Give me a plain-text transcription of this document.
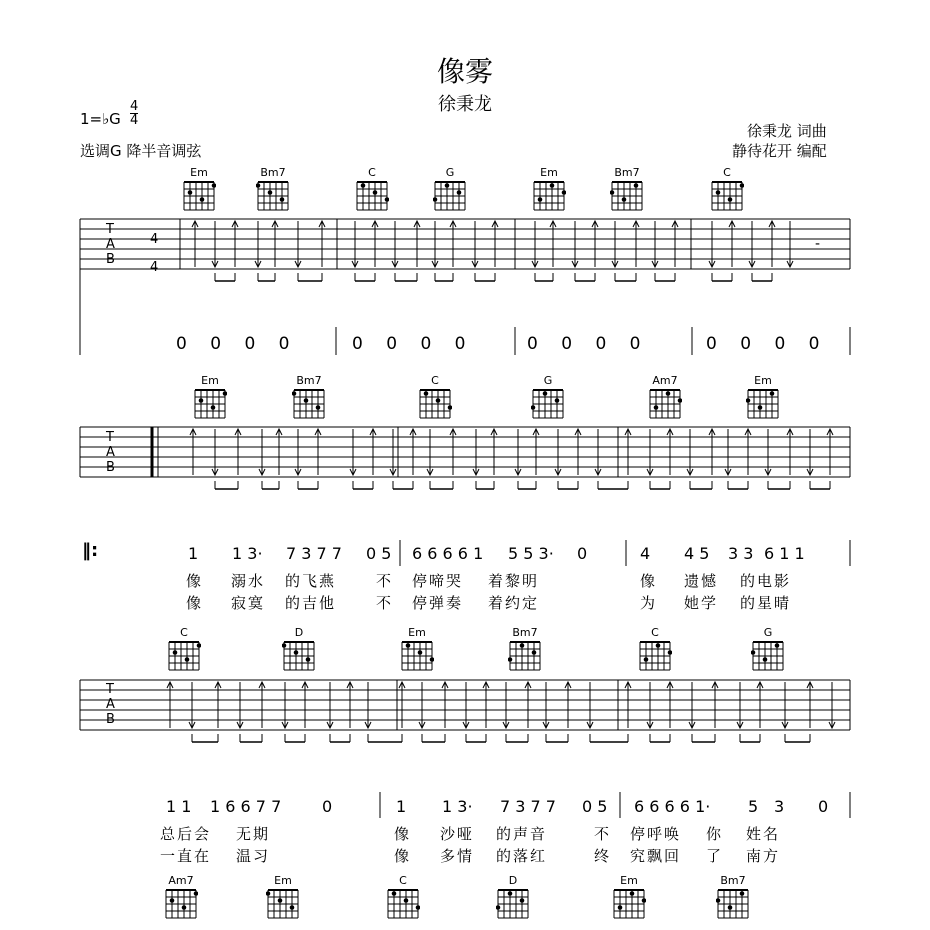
像雾
徐秉龙
1=♭G
4
4
选调G 降半音调弦
徐秉龙 词曲
静待花开 编配
Em	Bm7	C	G	Em	Bm7	C
Em	Bm7	C	G	Am7	Em
C	D	Em	Bm7	C	G
Am7	Em	C	D	Em	Bm7
T
A
B
4
4
-
T
A
B
T
A
B
0 0 0 0	0 0 0 0	0 0 0 0	0 0 0 0
‖:	1 1 3· 7 3 7 7 0 5 6 6 6 6 1 5 5 3· 0	4 4 5 3 3 6 1 1
像 溺水 的飞燕	不 停啼哭 着黎明	像 遗憾 的电影
像 寂寞 的吉他	不 停弹奏 着约定	为 她学 的星晴
1 1 1 6 6 7 7	0	1 1 3· 7 3 7 7 0 5 6 6 6 6 1· 5 3 0
总后会 无期	像 沙哑 的声音	不 停呼唤 你 姓名
一直在 温习	像 多情 的落红	终 究飘回 了 南方
